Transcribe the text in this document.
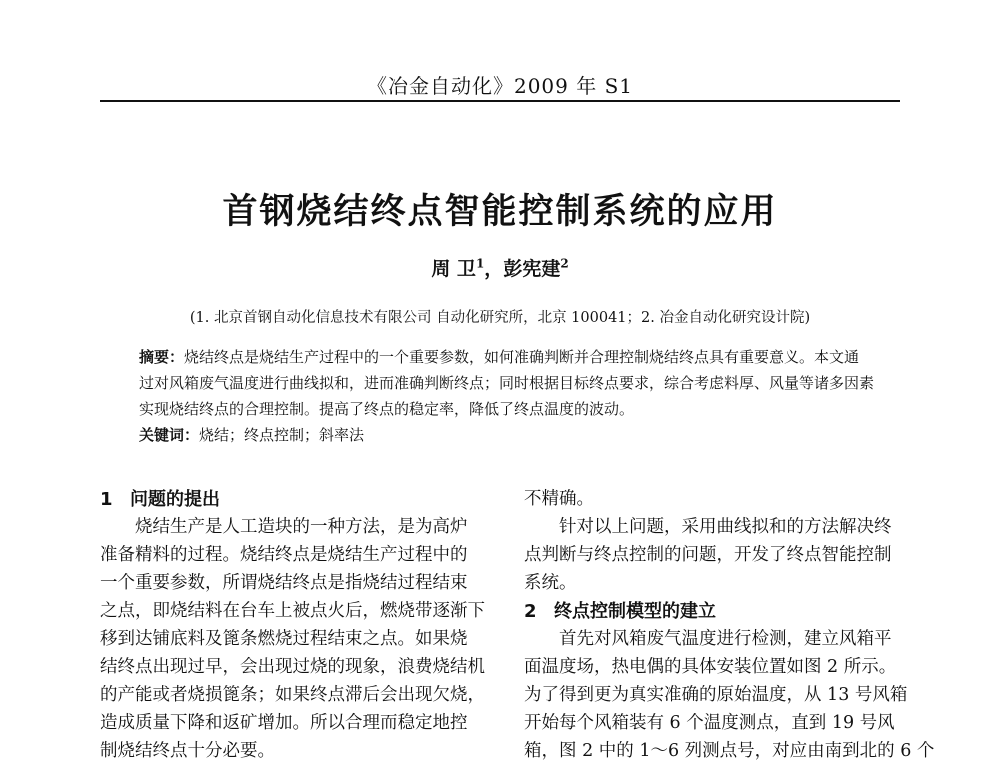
《冶金自动化》2009 年 S1
首钢烧结终点智能控制系统的应用
周 卫$^1$，彭宪建$^2$
(1. 北京首钢自动化信息技术有限公司 自动化研究所，北京 100041；2. 冶金自动化研究设计院)
摘要：烧结终点是烧结生产过程中的一个重要参数，如何准确判断并合理控制烧结终点具有重要意义。本文通
过对风箱废气温度进行曲线拟和，进而准确判断终点；同时根据目标终点要求，综合考虑料厚、风量等诸多因素
实现烧结终点的合理控制。提高了终点的稳定率，降低了终点温度的波动。
关键词：烧结；终点控制；斜率法
1 问题的提出
　　烧结生产是人工造块的一种方法，是为高炉
准备精料的过程。烧结终点是烧结生产过程中的
一个重要参数，所谓烧结终点是指烧结过程结束
之点，即烧结料在台车上被点火后，燃烧带逐渐下
移到达铺底料及篦条燃烧过程结束之点。如果烧
结终点出现过早，会出现过烧的现象，浪费烧结机
的产能或者烧损篦条；如果终点滞后会出现欠烧，
造成质量下降和返矿增加。所以合理而稳定地控
制烧结终点十分必要。
不精确。
　　针对以上问题，采用曲线拟和的方法解决终
点判断与终点控制的问题，开发了终点智能控制
系统。
2 终点控制模型的建立
　　首先对风箱废气温度进行检测，建立风箱平
面温度场，热电偶的具体安装位置如图 2 所示。
为了得到更为真实准确的原始温度，从 13 号风箱
开始每个风箱装有 6 个温度测点，直到 19 号风
箱，图 2 中的 1～6 列测点号，对应由南到北的 6 个
